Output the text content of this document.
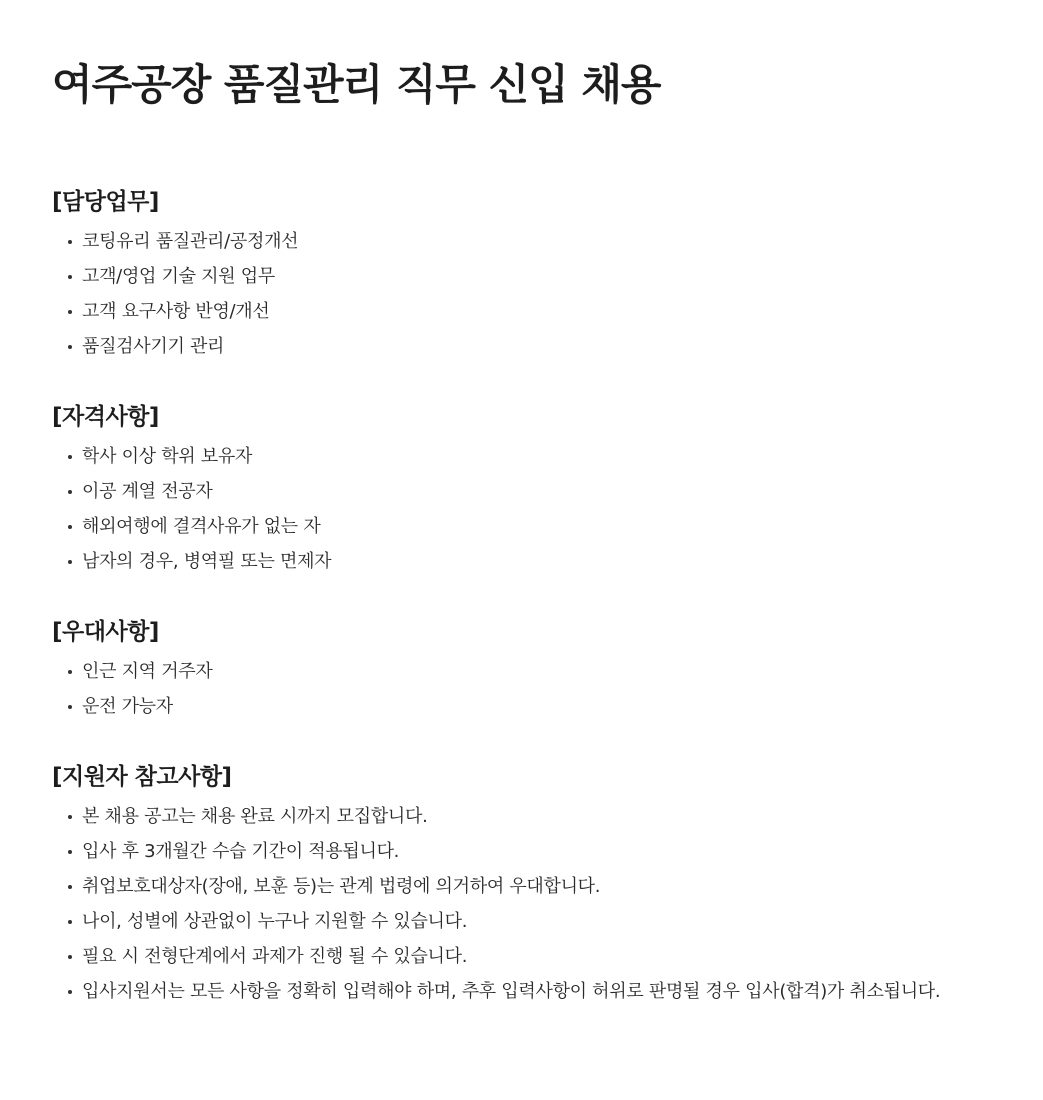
여주공장 품질관리 직무 신입 채용
[담당업무]
코팅유리 품질관리/공정개선
고객/영업 기술 지원 업무
고객 요구사항 반영/개선
품질검사기기 관리
[자격사항]
학사 이상 학위 보유자
이공 계열 전공자
해외여행에 결격사유가 없는 자
남자의 경우, 병역필 또는 면제자
[우대사항]
인근 지역 거주자
운전 가능자
[지원자 참고사항]
본 채용 공고는 채용 완료 시까지 모집합니다.
입사 후 3개월간 수습 기간이 적용됩니다.
취업보호대상자(장애, 보훈 등)는 관계 법령에 의거하여 우대합니다.
나이, 성별에 상관없이 누구나 지원할 수 있습니다.
필요 시 전형단계에서 과제가 진행 될 수 있습니다.
입사지원서는 모든 사항을 정확히 입력해야 하며, 추후 입력사항이 허위로 판명될 경우 입사(합격)가 취소됩니다.
